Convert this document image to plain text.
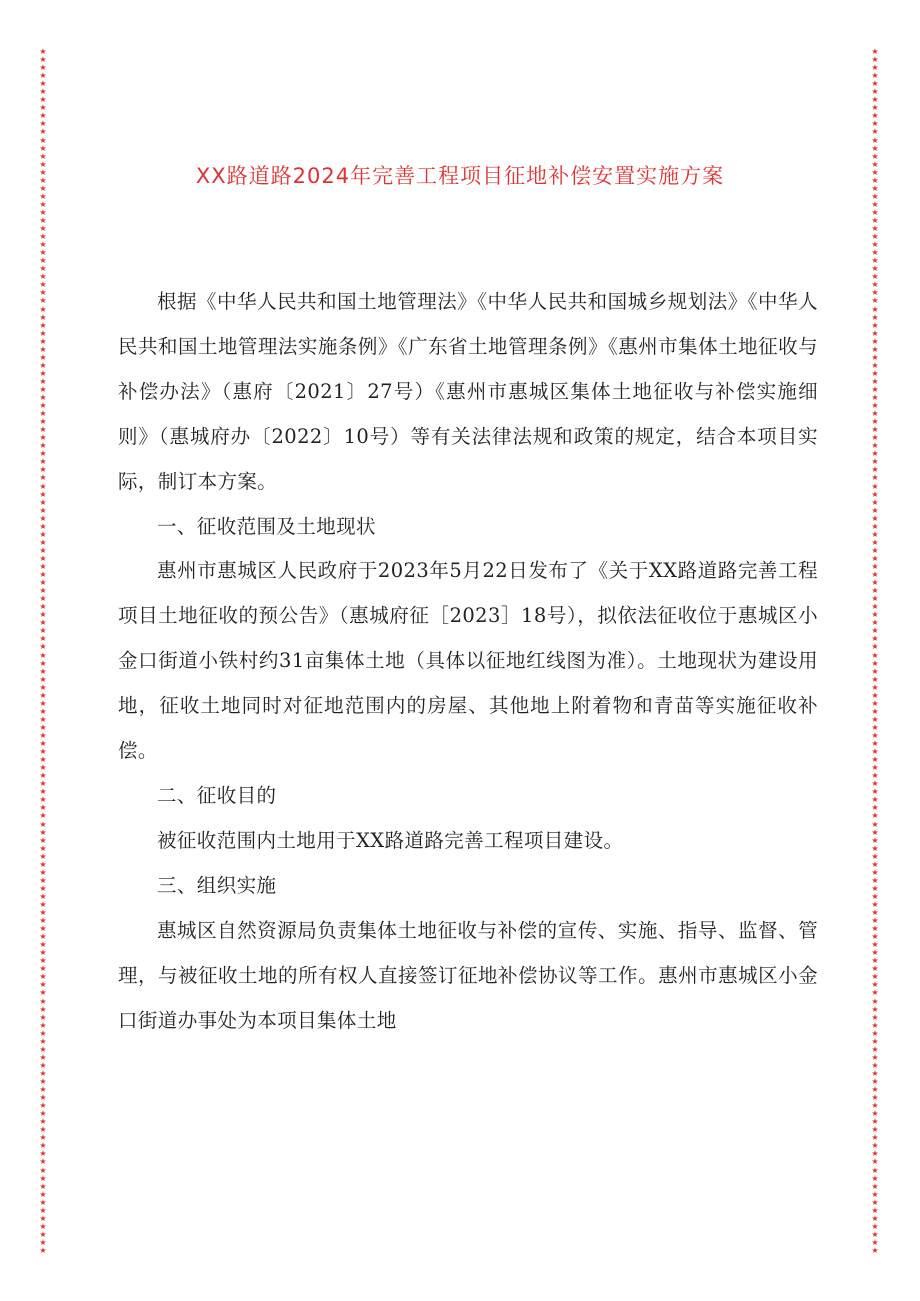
★
★
★
★
★
★
★
★
★
★
★
★
★
★
★
★
★
★
★
★
★
★
★
★
★
★
★
★
★
★
★
★
★
★
★
★
★
★
★
★
★
★
★
★
★
★
★
★
★
★
★
★
★
★
★
★
★
★
★
★
★
★
★
★
★
★
★
★
★
★
★
★
★
★
★
★
★
★
★
★
★
★
★
★
★
★
★
★
★
★
★
★
★
★
★
★
★
★
★
★
★
★
★
★
★
★
★
★
★
★
★
★
★
★
★
★
★
★
★
★
★
★
★
★
★
★
★
★
★
★
★
★
★
★
★
★
★
★
★
★
★
★
★
★
★
★
★
★
★
★
★
★
★
★
★
★
★
★
★
★
★
★
★
★
★
★
★
★
★
★
★
★
★
★
★
★
★
★
★
★
★
★
★
★
★
★
★
★
★
★
★
★
★
★
★
★
★
★
★
★
★
★
★
★
★
★
★
★
★
★
★
★
★
★
★
★
★
★
★
★
★
★
★
★
★
★
★
★
★
★
★
★
★
★
★
★
★
★
★
★
★
★
★
★
★
★
★
★
★
★
★
★
★
★
★
★
★
★
★
★
★
★
★
★
★
★
★
★
★
★
★
★
★
★
★
★
★
★
★
★
★
★
★
★
★
★
★
★
★
★
★
★
★
★
★
★
★
★
★
★
XX路道路2024年完善工程项目征地补偿安置实施方案

根据《中华人民共和国土地管理法》《中华人民共和国城乡规划法》《中华人民共和国土地管理法实施条例》《广东省土地管理条例》《惠州市集体土地征收与补偿办法》（惠府〔2021〕27号）《惠州市惠城区集体土地征收与补偿实施细则》（惠城府办〔2022〕10号）等有关法律法规和政策的规定，结合本项目实际，制订本方案。

一、征收范围及土地现状

惠州市惠城区人民政府于2023年5月22日发布了《关于XX路道路完善工程项目土地征收的预公告》（惠城府征［2023］18号），拟依法征收位于惠城区小金口街道小铁村约31亩集体土地（具体以征地红线图为准）。土地现状为建设用地，征收土地同时对征地范围内的房屋、其他地上附着物和青苗等实施征收补偿。

二、征收目的

被征收范围内土地用于XX路道路完善工程项目建设。

三、组织实施

惠城区自然资源局负责集体土地征收与补偿的宣传、实施、指导、监督、管理，与被征收土地的所有权人直接签订征地补偿协议等工作。惠州市惠城区小金口街道办事处为本项目集体土地
